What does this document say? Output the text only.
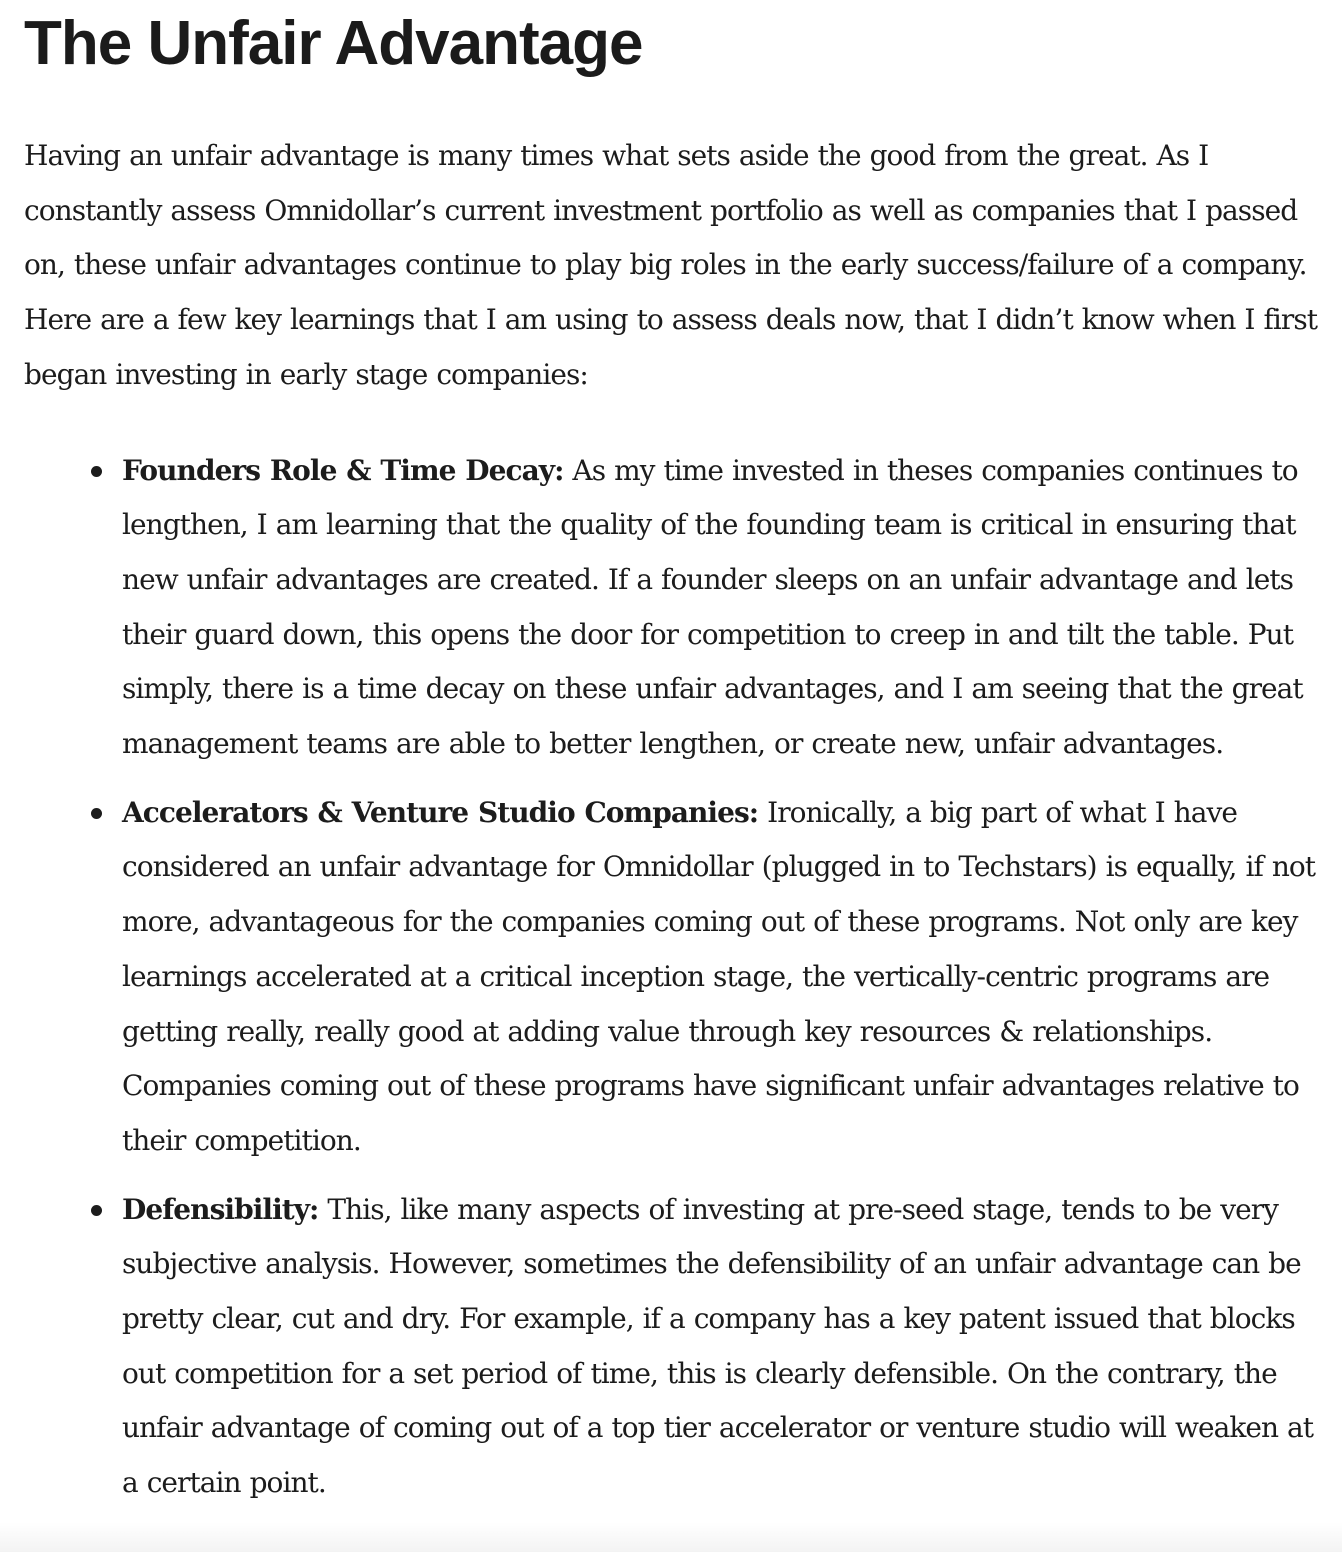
The Unfair Advantage

Having an unfair advantage is many times what sets aside the good from the great. As I constantly assess Omnidollar’s current investment portfolio as well as companies that I passed on, these unfair advantages continue to play big roles in the early success/failure of a company. Here are a few key learnings that I am using to assess deals now, that I didn’t know when I first began investing in early stage companies:

Founders Role & Time Decay: As my time invested in theses companies continues to lengthen, I am learning that the quality of the founding team is critical in ensuring that new unfair advantages are created. If a founder sleeps on an unfair advantage and lets their guard down, this opens the door for competition to creep in and tilt the table. Put simply, there is a time decay on these unfair advantages, and I am seeing that the great management teams are able to better lengthen, or create new, unfair advantages.
Accelerators & Venture Studio Companies: Ironically, a big part of what I have considered an unfair advantage for Omnidollar (plugged in to Techstars) is equally, if not more, advantageous for the companies coming out of these programs. Not only are key learnings accelerated at a critical inception stage, the vertically-centric programs are getting really, really good at adding value through key resources & relationships. Companies coming out of these programs have significant unfair advantages relative to their competition.
Defensibility: This, like many aspects of investing at pre-seed stage, tends to be very subjective analysis. However, sometimes the defensibility of an unfair advantage can be pretty clear, cut and dry. For example, if a company has a key patent issued that blocks out competition for a set period of time, this is clearly defensible. On the contrary, the unfair advantage of coming out of a top tier accelerator or venture studio will weaken at a certain point.
